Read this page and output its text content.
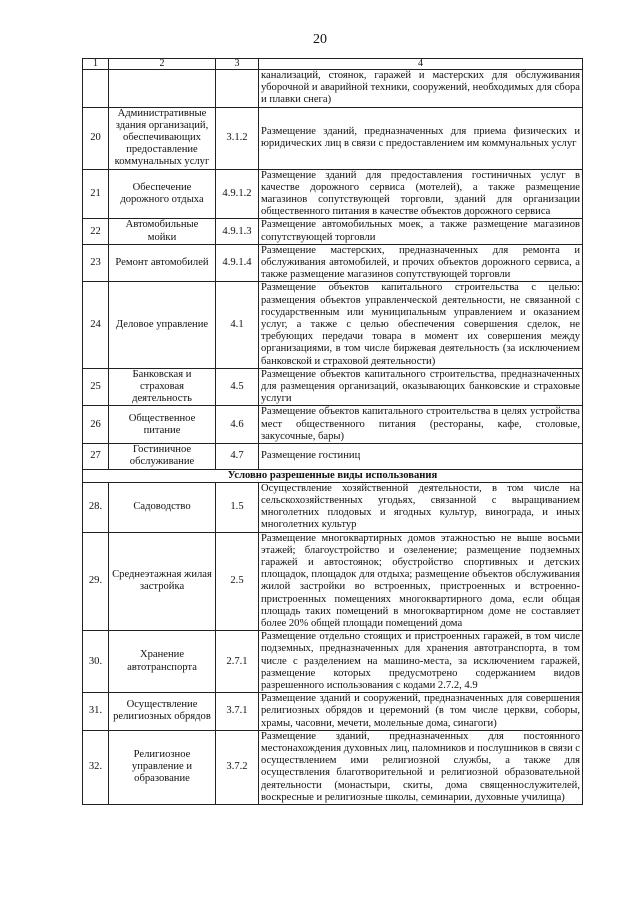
20
1	2	3	4
			канализаций, стоянок, гаражей и мастерских для обслуживания уборочной и аварийной техники, сооружений, необходимых для сбора и плавки снега)
20	Административные здания организаций, обеспечивающих предоставление коммунальных услуг	3.1.2	Размещение зданий, предназначенных для приема физических и юридических лиц в связи с предоставлением им коммунальных услуг
21	Обеспечение дорожного отдыха	4.9.1.2	Размещение зданий для предоставления гостиничных услуг в качестве дорожного сервиса (мотелей), а также размещение магазинов сопутствующей торговли, зданий для организации общественного питания в качестве объектов дорожного сервиса
22	Автомобильные мойки	4.9.1.3	Размещение автомобильных моек, а также размещение магазинов сопутствующей торговли
23	Ремонт автомобилей	4.9.1.4	Размещение мастерских, предназначенных для ремонта и обслуживания автомобилей, и прочих объектов дорожного сервиса, а также размещение магазинов сопутствующей торговли
24	Деловое управление	4.1	Размещение объектов капитального строительства с целью: размещения объектов управленческой деятельности, не связанной с государственным или муниципальным управлением и оказанием услуг, а также с целью обеспечения совершения сделок, не требующих передачи товара в момент их совершения между организациями, в том числе биржевая деятельность (за исключением банковской и страховой деятельности)
25	Банковская и страховая деятельность	4.5	Размещение объектов капитального строительства, предназначенных для размещения организаций, оказывающих банковские и страховые услуги
26	Общественное питание	4.6	Размещение объектов капитального строительства в целях устройства мест общественного питания (рестораны, кафе, столовые, закусочные, бары)
27	Гостиничное обслуживание	4.7	Размещение гостиниц
Условно разрешенные виды использования			
28.	Садоводство	1.5	Осуществление хозяйственной деятельности, в том числе на сельскохозяйственных угодьях, связанной с выращиванием многолетних плодовых и ягодных культур, винограда, и иных многолетних культур
29.	Среднеэтажная жилая застройка	2.5	Размещение многоквартирных домов этажностью не выше восьми этажей; благоустройство и озеленение; размещение подземных гаражей и автостоянок; обустройство спортивных и детских площадок, площадок для отдыха; размещение объектов обслуживания жилой застройки во встроенных, пристроенных и встроенно-пристроенных помещениях многоквартирного дома, если общая площадь таких помещений в многоквартирном доме не составляет более 20% общей площади помещений дома
30.	Хранение автотранспорта	2.7.1	Размещение отдельно стоящих и пристроенных гаражей, в том числе подземных, предназначенных для хранения автотранспорта, в том числе с разделением на машино-места, за исключением гаражей, размещение которых предусмотрено содержанием видов разрешенного использования с кодами 2.7.2, 4.9
31.	Осуществление религиозных обрядов	3.7.1	Размещение зданий и сооружений, предназначенных для совершения религиозных обрядов и церемоний (в том числе церкви, соборы, храмы, часовни, мечети, молельные дома, синагоги)
32.	Религиозное управление и образование	3.7.2	Размещение зданий, предназначенных для постоянного местонахождения духовных лиц, паломников и послушников в связи с осуществлением ими религиозной службы, а также для осуществления благотворительной и религиозной образовательной деятельности (монастыри, скиты, дома священнослужителей, воскресные и религиозные школы, семинарии, духовные училища)
